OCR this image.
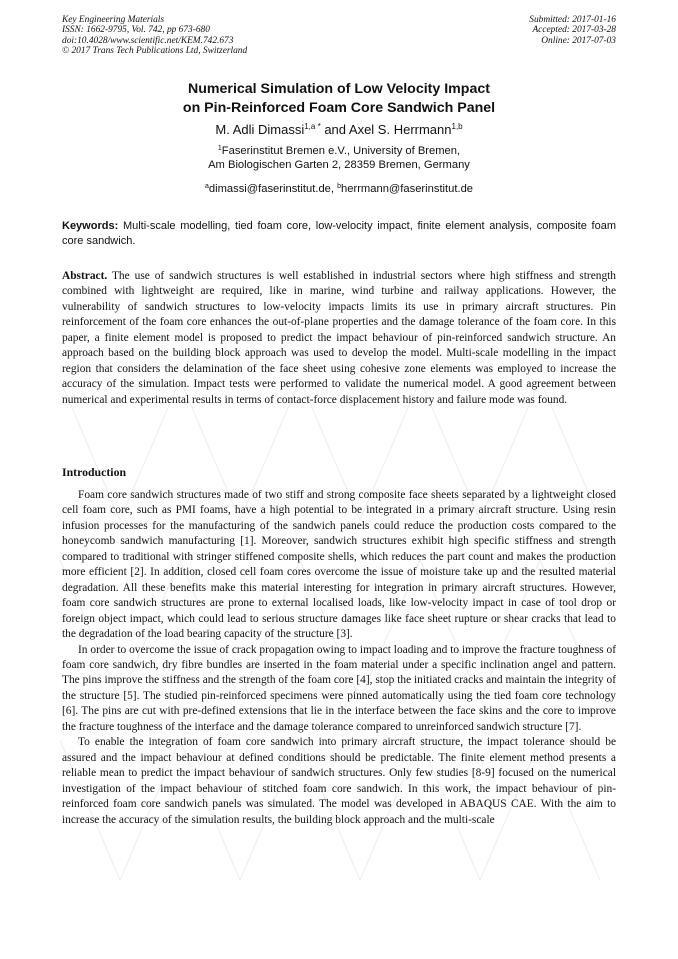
Key Engineering Materials
ISSN: 1662-9795, Vol. 742, pp 673-680
doi:10.4028/www.scientific.net/KEM.742.673
© 2017 Trans Tech Publications Ltd, Switzerland
Submitted: 2017-01-16
Accepted: 2017-03-28
Online: 2017-07-03
Numerical Simulation of Low Velocity Impact
on Pin-Reinforced Foam Core Sandwich Panel
M. Adli Dimassi$^{1,a *}$ and Axel S. Herrmann$^{1,b}$
$^1$Faserinstitut Bremen e.V., University of Bremen,
Am Biologischen Garten 2, 28359 Bremen, Germany
$^a$dimassi@faserinstitut.de, $^b$herrmann@faserinstitut.de
Keywords: Multi-scale modelling, tied foam core, low-velocity impact, finite element analysis, composite foam core sandwich.
Abstract. The use of sandwich structures is well established in industrial sectors where high stiffness and strength combined with lightweight are required, like in marine, wind turbine and railway applications. However, the vulnerability of sandwich structures to low-velocity impacts limits its use in primary aircraft structures. Pin reinforcement of the foam core enhances the out-of-plane properties and the damage tolerance of the foam core. In this paper, a finite element model is proposed to predict the impact behaviour of pin-reinforced sandwich structure. An approach based on the building block approach was used to develop the model. Multi-scale modelling in the impact region that considers the delamination of the face sheet using cohesive zone elements was employed to increase the accuracy of the simulation. Impact tests were performed to validate the numerical model. A good agreement between numerical and experimental results in terms of contact-force displacement history and failure mode was found.
Introduction

Foam core sandwich structures made of two stiff and strong composite face sheets separated by a lightweight closed cell foam core, such as PMI foams, have a high potential to be integrated in a primary aircraft structure. Using resin infusion processes for the manufacturing of the sandwich panels could reduce the production costs compared to the honeycomb sandwich manufacturing [1]. Moreover, sandwich structures exhibit high specific stiffness and strength compared to traditional with stringer stiffened composite shells, which reduces the part count and makes the production more efficient [2]. In addition, closed cell foam cores overcome the issue of moisture take up and the resulted material degradation. All these benefits make this material interesting for integration in primary aircraft structures. However, foam core sandwich structures are prone to external localised loads, like low-velocity impact in case of tool drop or foreign object impact, which could lead to serious structure damages like face sheet rupture or shear cracks that lead to the degradation of the load bearing capacity of the structure [3].

In order to overcome the issue of crack propagation owing to impact loading and to improve the fracture toughness of foam core sandwich, dry fibre bundles are inserted in the foam material under a specific inclination angel and pattern. The pins improve the stiffness and the strength of the foam core [4], stop the initiated cracks and maintain the integrity of the structure [5]. The studied pin-reinforced specimens were pinned automatically using the tied foam core technology [6]. The pins are cut with pre-defined extensions that lie in the interface between the face skins and the core to improve the fracture toughness of the interface and the damage tolerance compared to unreinforced sandwich structure [7].

To enable the integration of foam core sandwich into primary aircraft structure, the impact tolerance should be assured and the impact behaviour at defined conditions should be predictable. The finite element method presents a reliable mean to predict the impact behaviour of sandwich structures. Only few studies [8-9] focused on the numerical investigation of the impact behaviour of stitched foam core sandwich. In this work, the impact behaviour of pin-reinforced foam core sandwich panels was simulated. The model was developed in ABAQUS CAE. With the aim to increase the accuracy of the simulation results, the building block approach and the multi-scale
